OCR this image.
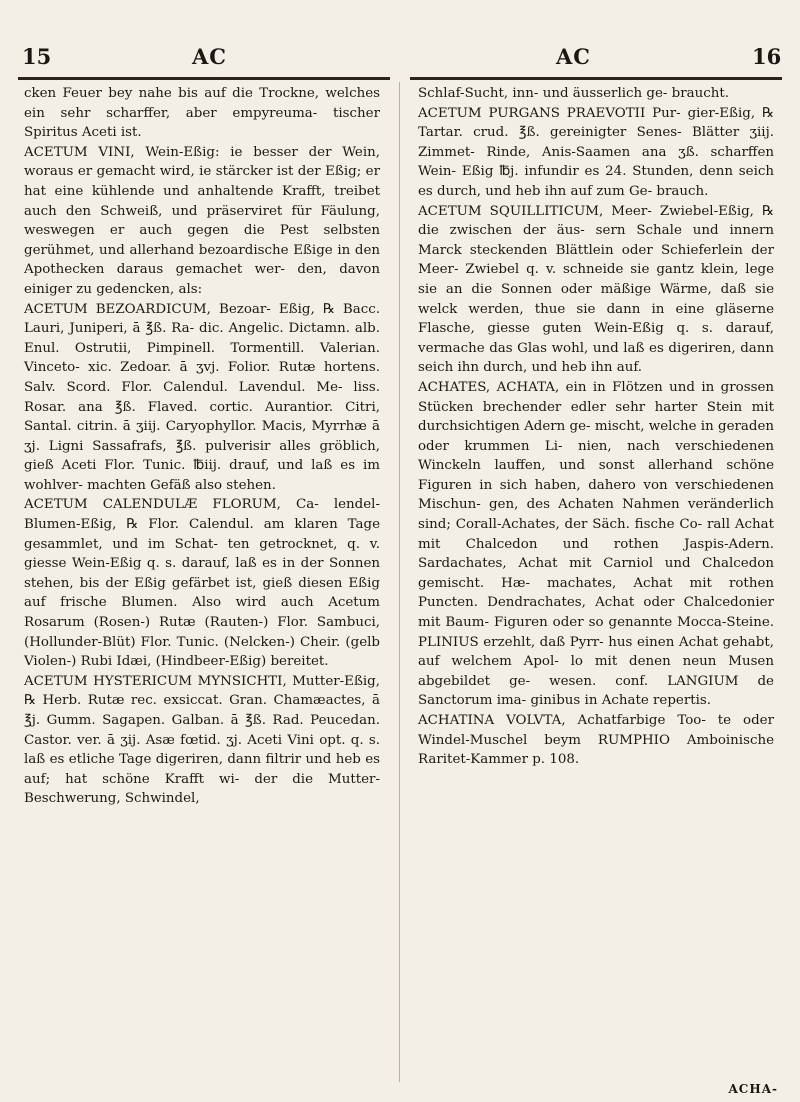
15	AC	AC	16

cken Feuer bey nahe bis auf die Trockne, welches ein sehr scharffer, aber empyreuma- tischer Spiritus Aceti ist.

ACETUM VINI, Wein-Eßig: ie besser der Wein, woraus er gemacht wird, ie stärcker ist der Eßig; er hat eine kühlende und anhaltende Krafft, treibet auch den Schweiß, und präserviret für Fäulung, weswegen er auch gegen die Pest selbsten gerühmet, und allerhand bezoardische Eßige in den Apothecken daraus gemachet wer- den, davon einiger zu gedencken, als:

ACETUM BEZOARDICUM, Bezoar- Eßig, ℞ Bacc. Lauri, Juniperi, ā ℥ß. Ra- dic. Angelic. Dictamn. alb. Enul. Ostrutii, Pimpinell. Tormentill. Valerian. Vinceto- xic. Zedoar. ā ʒvj. Folior. Rutæ hortens. Salv. Scord. Flor. Calendul. Lavendul. Me- liss. Rosar. ana ℥ß. Flaved. cortic. Aurantior. Citri, Santal. citrin. ā ʒiij. Caryophyllor. Macis, Myrrhæ ā ʒj. Ligni Sassafrafs, ℥ß. pulverisir alles gröblich, gieß Aceti Flor. Tunic. ℔iij. drauf, und laß es im wohlver- machten Gefäß also stehen.

ACETUM CALENDULÆ FLORUM, Ca- lendel-Blumen-Eßig, ℞ Flor. Calendul. am klaren Tage gesammlet, und im Schat- ten getrocknet, q. v. giesse Wein-Eßig q. s. darauf, laß es in der Sonnen stehen, bis der Eßig gefärbet ist, gieß diesen Eßig auf frische Blumen. Also wird auch Acetum Rosarum (Rosen-) Rutæ (Rauten-) Flor. Sambuci, (Hollunder-Blüt) Flor. Tunic. (Nelcken-) Cheir. (gelb Violen-) Rubi Idæi, (Hindbeer-Eßig) bereitet.

ACETUM HYSTERICUM MYNSICHTI, Mutter-Eßig, ℞ Herb. Rutæ rec. exsiccat. Gran. Chamæactes, ā ℥j. Gumm. Sagapen. Galban. ā ℥ß. Rad. Peucedan. Castor. ver. ā ʒij. Asæ fœtid. ʒj. Aceti Vini opt. q. s. laß es etliche Tage digeriren, dann filtrir und heb es auf; hat schöne Krafft wi- der die Mutter-Beschwerung, Schwindel,

Schlaf-Sucht, inn- und äusserlich ge- braucht.

ACETUM PURGANS PRAEVOTII Pur- gier-Eßig, ℞ Tartar. crud. ℥ß. gereinigter Senes- Blätter ʒiij. Zimmet- Rinde, Anis-Saamen ana ʒß. scharffen Wein- Eßig ℔j. infundir es 24. Stunden, denn seich es durch, und heb ihn auf zum Ge- brauch.

ACETUM SQUILLITICUM, Meer- Zwiebel-Eßig, ℞ die zwischen der äus- sern Schale und innern Marck steckenden Blättlein oder Schieferlein der Meer- Zwiebel q. v. schneide sie gantz klein, lege sie an die Sonnen oder mäßige Wärme, daß sie welck werden, thue sie dann in eine gläserne Flasche, giesse guten Wein-Eßig q. s. darauf, vermache das Glas wohl, und laß es digeriren, dann seich ihn durch, und heb ihn auf.

ACHATES, ACHATA, ein in Flötzen und in grossen Stücken brechender edler sehr harter Stein mit durchsichtigen Adern ge- mischt, welche in geraden oder krummen Li- nien, nach verschiedenen Winckeln lauffen, und sonst allerhand schöne Figuren in sich haben, dahero von verschiedenen Mischun- gen, des Achaten Nahmen veränderlich sind; Corall-Achates, der Säch. fische Co- rall Achat mit Chalcedon und rothen Jaspis-Adern. Sardachates, Achat mit Carniol und Chalcedon gemischt. Hæ- machates, Achat mit rothen Puncten. Dendrachates, Achat oder Chalcedonier mit Baum- Figuren oder so genannte Mocca-Steine. PLINIUS erzehlt, daß Pyrr- hus einen Achat gehabt, auf welchem Apol- lo mit denen neun Musen abgebildet ge- wesen. conf. LANGIUM de Sanctorum ima- ginibus in Achate repertis.

ACHATINA VOLVTA, Achatfarbige Too- te oder Windel-Muschel beym RUMPHIO Amboinische Raritet-Kammer p. 108.

ACHA-
